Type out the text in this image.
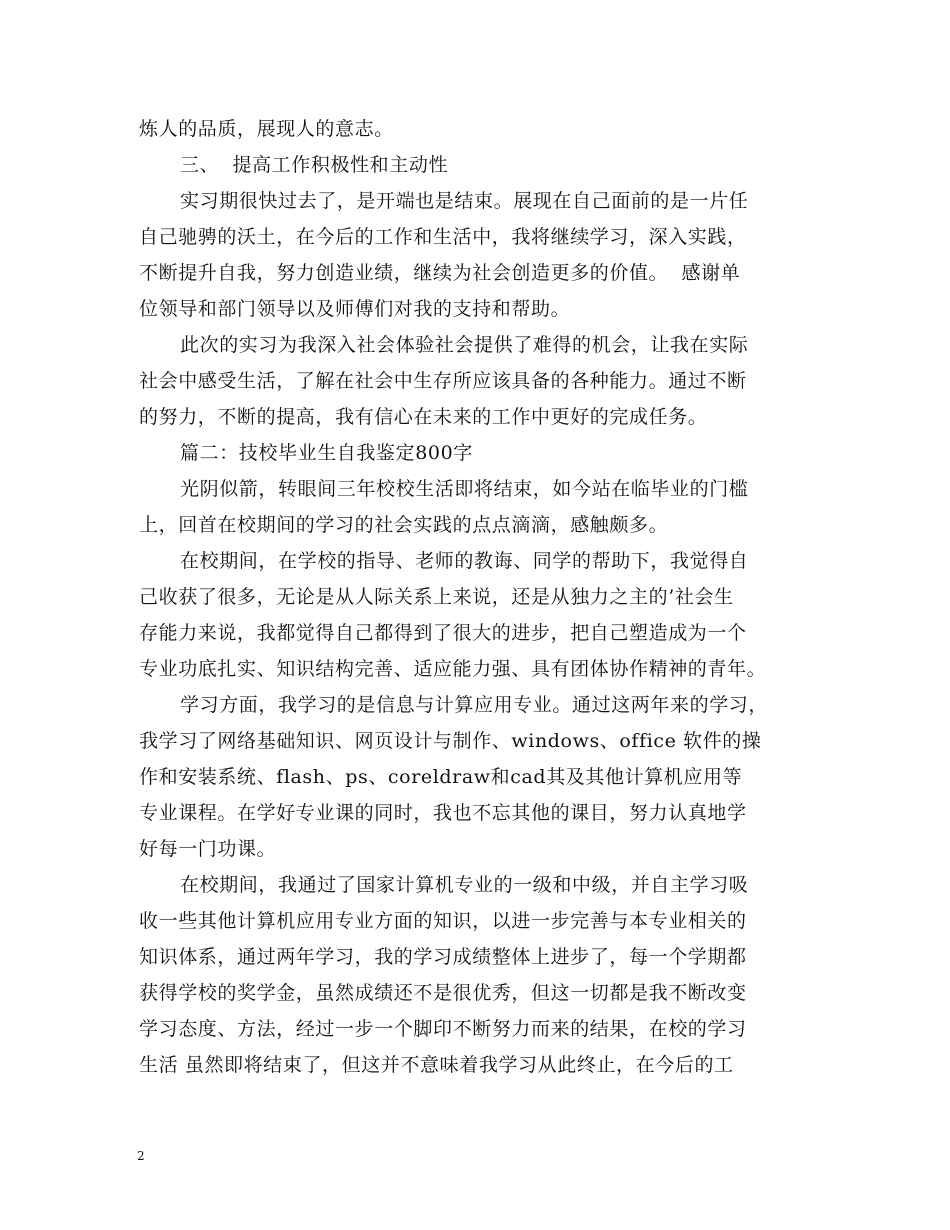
炼人的品质，展现人的意志。
三、  提高工作积极性和主动性
实习期很快过去了，是开端也是结束。展现在自己面前的是一片任
自己驰骋的沃土，在今后的工作和生活中，我将继续学习，深入实践，
不断提升自我，努力创造业绩，继续为社会创造更多的价值。  感谢单
位领导和部门领导以及师傅们对我的支持和帮助。
此次的实习为我深入社会体验社会提供了难得的机会，让我在实际
社会中感受生活，了解在社会中生存所应该具备的各种能力。通过不断
的努力，不断的提高，我有信心在未来的工作中更好的完成任务。
篇二：技校毕业生自我鉴定800字
光阴似箭，转眼间三年校校生活即将结束，如今站在临毕业的门槛
上，回首在校期间的学习的社会实践的点点滴滴，感触颇多。
在校期间，在学校的指导、老师的教诲、同学的帮助下，我觉得自
己收获了很多，无论是从人际关系上来说，还是从独力之主的’社会生
存能力来说，我都觉得自己都得到了很大的进步，把自己塑造成为一个
专业功底扎实、知识结构完善、适应能力强、具有团体协作精神的青年。
学习方面，我学习的是信息与计算应用专业。通过这两年来的学习，
我学习了网络基础知识、网页设计与制作、windows、office 软件的操
作和安装系统、flash、ps、coreldraw和cad其及其他计算机应用等
专业课程。在学好专业课的同时，我也不忘其他的课目，努力认真地学
好每一门功课。
在校期间，我通过了国家计算机专业的一级和中级，并自主学习吸
收一些其他计算机应用专业方面的知识，以进一步完善与本专业相关的
知识体系，通过两年学习，我的学习成绩整体上进步了，每一个学期都
获得学校的奖学金，虽然成绩还不是很优秀，但这一切都是我不断改变
学习态度、方法，经过一步一个脚印不断努力而来的结果，在校的学习
生活 虽然即将结束了，但这并不意味着我学习从此终止，在今后的工
2
